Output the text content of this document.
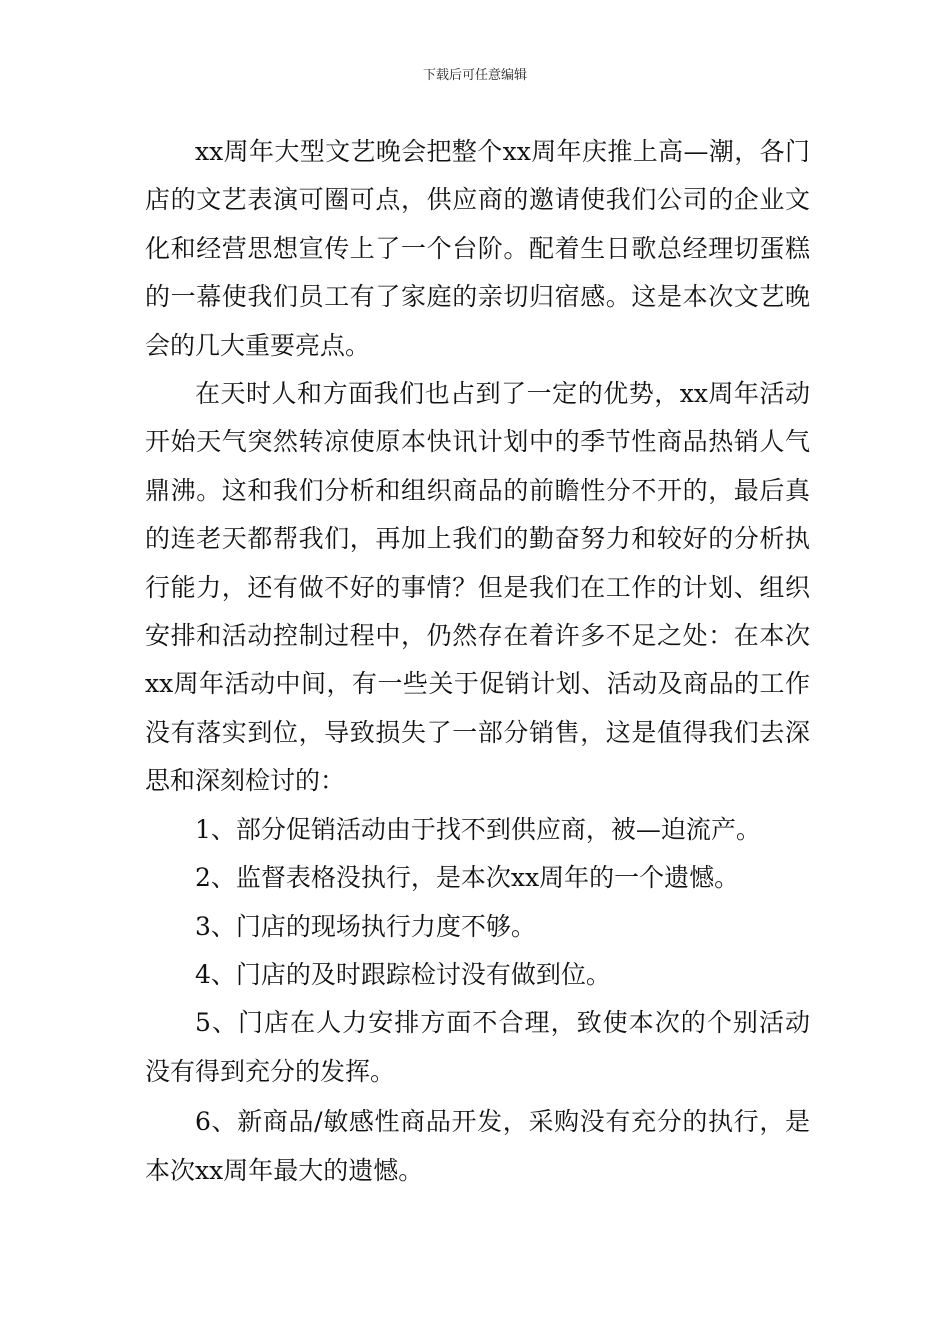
下载后可任意编辑

xx周年大型文艺晚会把整个xx周年庆推上高—潮，各门店的文艺表演可圈可点，供应商的邀请使我们公司的企业文化和经营思想宣传上了一个台阶。配着生日歌总经理切蛋糕的一幕使我们员工有了家庭的亲切归宿感。这是本次文艺晚会的几大重要亮点。

在天时人和方面我们也占到了一定的优势，xx周年活动开始天气突然转凉使原本快讯计划中的季节性商品热销人气鼎沸。这和我们分析和组织商品的前瞻性分不开的，最后真的连老天都帮我们，再加上我们的勤奋努力和较好的分析执行能力，还有做不好的事情？但是我们在工作的计划、组织安排和活动控制过程中，仍然存在着许多不足之处：在本次xx周年活动中间，有一些关于促销计划、活动及商品的工作没有落实到位，导致损失了一部分销售，这是值得我们去深思和深刻检讨的：

1、部分促销活动由于找不到供应商，被—迫流产。

2、监督表格没执行，是本次xx周年的一个遗憾。

3、门店的现场执行力度不够。

4、门店的及时跟踪检讨没有做到位。

5、门店在人力安排方面不合理，致使本次的个别活动没有得到充分的发挥。

6、新商品/敏感性商品开发，采购没有充分的执行，是本次xx周年最大的遗憾。
